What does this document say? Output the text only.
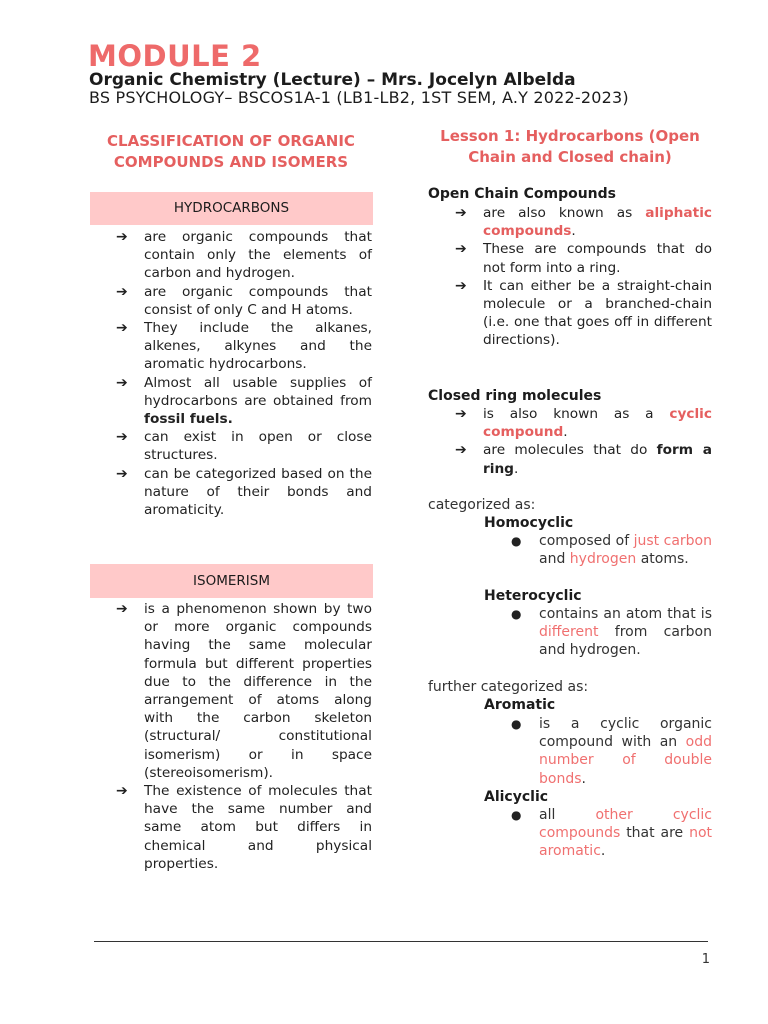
MODULE 2
Organic Chemistry (Lecture) – Mrs. Jocelyn Albelda
BS PSYCHOLOGY– BSCOS1A-1 (LB1-LB2, 1ST SEM, A.Y 2022-2023)
CLASSIFICATION OF ORGANIC COMPOUNDS AND ISOMERS
HYDROCARBONS
➔	are organic compounds that contain only the elements of carbon and hydrogen.
➔	are organic compounds that consist of only C and H atoms.
➔	They include the alkanes, alkenes, alkynes and the aromatic hydrocarbons.
➔	Almost all usable supplies of hydrocarbons are obtained from fossil fuels.
➔	can exist in open or close structures.
➔	can be categorized based on the nature of their bonds and aromaticity.
ISOMERISM
➔	is a phenomenon shown by two or more organic compounds having the same molecular formula but different properties due to the difference in the arrangement of atoms along with the carbon skeleton (structural/ constitutional isomerism) or in space (stereoisomerism).
➔	The existence of molecules that have the same number and same atom but differs in chemical and physical properties.
Lesson 1: Hydrocarbons (Open Chain and Closed chain)
Open Chain Compounds
➔	are also known as aliphatic compounds.
➔	These are compounds that do not form into a ring.
➔	It can either be a straight-chain molecule or a branched-chain (i.e. one that goes off in different directions).
Closed ring molecules
➔	is also known as a cyclic compound.
➔	are molecules that do form a ring.
categorized as:
Homocyclic
●	composed of just carbon and hydrogen atoms.
Heterocyclic
●	contains an atom that is different from carbon and hydrogen.
further categorized as:
Aromatic
●	is a cyclic organic compound with an odd number of double bonds.
Alicyclic
●	all	other cyclic compounds that are not aromatic.
1
